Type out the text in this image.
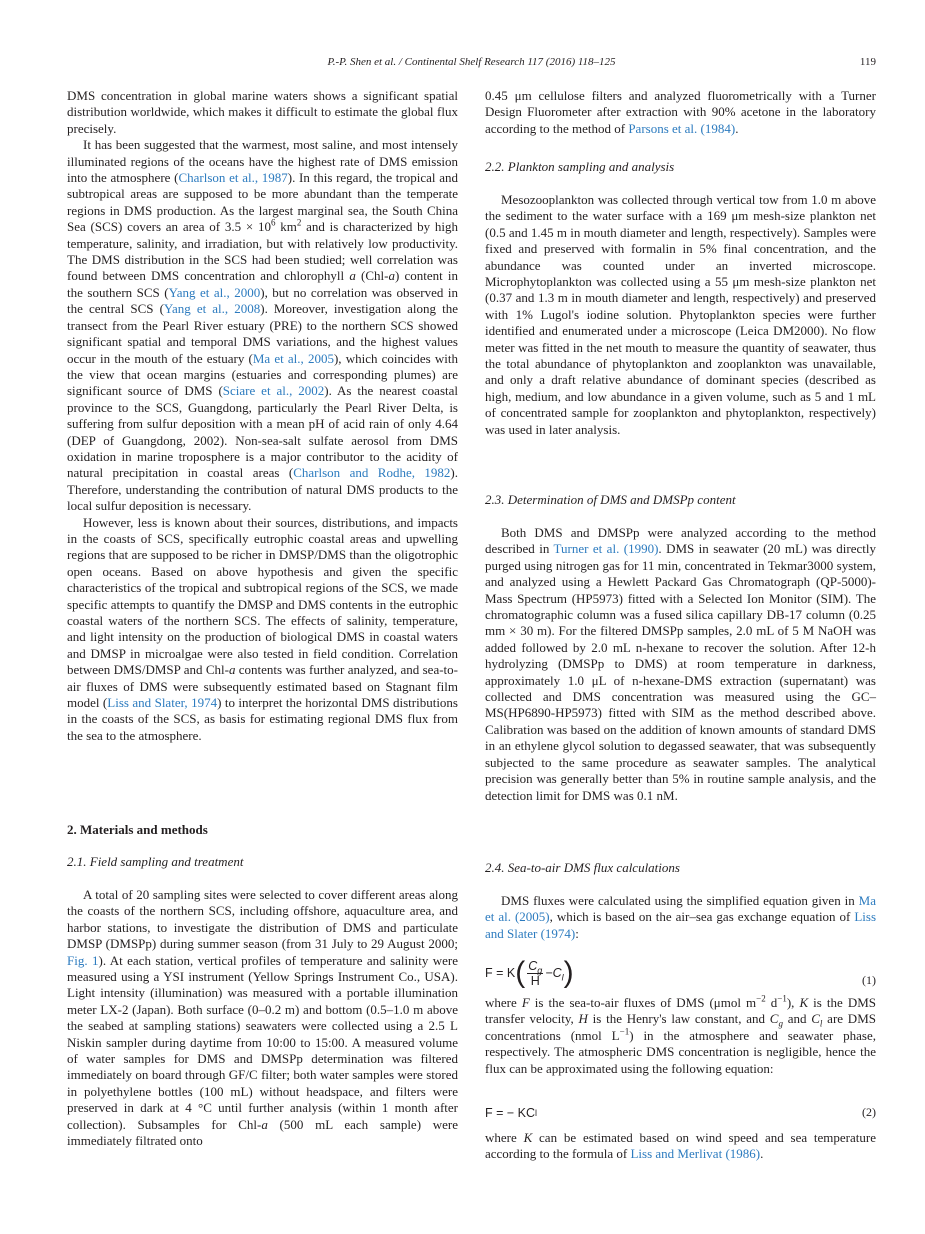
P.-P. Shen et al. / Continental Shelf Research 117 (2016) 118–125	119

DMS concentration in global marine waters shows a significant spatial distribution worldwide, which makes it difficult to estimate the global flux precisely.

It has been suggested that the warmest, most saline, and most intensely illuminated regions of the oceans have the highest rate of DMS emission into the atmosphere (Charlson et al., 1987). In this regard, the tropical and subtropical areas are supposed to be more abundant than the temperate regions in DMS production. As the largest marginal sea, the South China Sea (SCS) covers an area of $3.5 \times 10^6$ $km^2$ and is characterized by high temperature, salinity, and irradiation, but with relatively low productivity. The DMS distribution in the SCS had been studied; well correlation was found between DMS concentration and chlorophyll a (Chl-a) content in the southern SCS (Yang et al., 2000), but no correlation was observed in the central SCS (Yang et al., 2008). Moreover, investigation along the transect from the Pearl River estuary (PRE) to the northern SCS showed significant spatial and temporal DMS variations, and the highest values occur in the mouth of the estuary (Ma et al., 2005), which coincides with the view that ocean margins (estuaries and corresponding plumes) are significant source of DMS (Sciare et al., 2002). As the nearest coastal province to the SCS, Guangdong, particularly the Pearl River Delta, is suffering from sulfur deposition with a mean pH of acid rain of only 4.64 (DEP of Guangdong, 2002). Non-sea-salt sulfate aerosol from DMS oxidation in marine troposphere is a major contributor to the acidity of natural precipitation in coastal areas (Charlson and Rodhe, 1982). Therefore, understanding the contribution of natural DMS products to the local sulfur deposition is necessary.

However, less is known about their sources, distributions, and impacts in the coasts of SCS, specifically eutrophic coastal areas and upwelling regions that are supposed to be richer in DMSP/DMS than the oligotrophic open oceans. Based on above hypothesis and given the specific characteristics of the tropical and subtropical regions of the SCS, we made specific attempts to quantify the DMSP and DMS contents in the eutrophic coastal waters of the northern SCS. The effects of salinity, temperature, and light intensity on the production of biological DMS in coastal waters and DMSP in microalgae were also tested in field condition. Correlation between DMS/DMSP and Chl-a contents was further analyzed, and sea-to-air fluxes of DMS were subsequently estimated based on Stagnant film model (Liss and Slater, 1974) to interpret the horizontal DMS distributions in the coasts of the SCS, as basis for estimating regional DMS flux from the sea to the atmosphere.

2. Materials and methods
2.1. Field sampling and treatment

A total of 20 sampling sites were selected to cover different areas along the coasts of the northern SCS, including offshore, aquaculture area, and harbor stations, to investigate the distribution of DMS and particulate DMSP (DMSPp) during summer season (from 31 July to 29 August 2000; Fig. 1). At each station, vertical profiles of temperature and salinity were measured using a YSI instrument (Yellow Springs Instrument Co., USA). Light intensity (illumination) was measured with a portable illumination meter LX-2 (Japan). Both surface (0–0.2 m) and bottom (0.5–1.0 m above the seabed at sampling stations) seawaters were collected using a 2.5 L Niskin sampler during daytime from 10:00 to 15:00. A measured volume of water samples for DMS and DMSPp determination was filtered immediately on board through GF/C filter; both water samples were stored in polyethylene bottles (100 mL) without headspace, and filters were preserved in dark at 4 °C until further analysis (within 1 month after collection). Subsamples for Chl-a (500 mL each sample) were immediately filtrated onto

0.45 μm cellulose filters and analyzed fluorometrically with a Turner Design Fluorometer after extraction with 90% acetone in the laboratory according to the method of Parsons et al. (1984).

2.2. Plankton sampling and analysis

Mesozooplankton was collected through vertical tow from 1.0 m above the sediment to the water surface with a 169 μm mesh-size plankton net (0.5 and 1.45 m in mouth diameter and length, respectively). Samples were fixed and preserved with formalin in 5% final concentration, and the abundance was counted under an inverted microscope. Microphytoplankton was collected using a 55 μm mesh-size plankton net (0.37 and 1.3 m in mouth diameter and length, respectively) and preserved with 1% Lugol's iodine solution. Phytoplankton species were further identified and enumerated under a microscope (Leica DM2000). No flow meter was fitted in the net mouth to measure the quantity of seawater, thus the total abundance of phytoplankton and zooplankton was unavailable, and only a draft relative abundance of dominant species (described as high, medium, and low abundance in a given volume, such as 5 and 1 mL of concentrated sample for zooplankton and phytoplankton, respectively) was used in later analysis.

2.3. Determination of DMS and DMSPp content

Both DMS and DMSPp were analyzed according to the method described in Turner et al. (1990). DMS in seawater (20 mL) was directly purged using nitrogen gas for 11 min, concentrated in Tekmar3000 system, and analyzed using a Hewlett Packard Gas Chromatograph (QP-5000)-Mass Spectrum (HP5973) fitted with a Selected Ion Monitor (SIM). The chromatographic column was a fused silica capillary DB-17 column (0.25 mm × 30 m). For the filtered DMSPp samples, 2.0 mL of 5 M NaOH was added followed by 2.0 mL n-hexane to recover the solution. After 12-h hydrolyzing (DMSPp to DMS) at room temperature in darkness, approximately 1.0 μL of n-hexane-DMS extraction (supernatant) was collected and DMS concentration was measured using the GC–MS(HP6890-HP5973) fitted with SIM as the method described above. Calibration was based on the addition of known amounts of standard DMS in an ethylene glycol solution to degassed seawater, that was subsequently subjected to the same procedure as seawater samples. The analytical precision was generally better than 5% in routine sample analysis, and the detection limit for DMS was 0.1 nM.

2.4. Sea-to-air DMS flux calculations

DMS fluxes were calculated using the simplified equation given in Ma et al. (2005), which is based on the air–sea gas exchange equation of Liss and Slater (1974):

F = K ( $\frac{C_g}{H} -C_l$ )	(1)

where F is the sea-to-air fluxes of DMS (μmol $m^{-2}$ $d^{-1}$), K is the DMS transfer velocity, H is the Henry's law constant, and $C_g$ and $C_l$ are DMS concentrations (nmol $L^{-1}$) in the atmosphere and seawater phase, respectively. The atmospheric DMS concentration is negligible, hence the flux can be approximated using the following equation:

F = − KC l	(2)

where K can be estimated based on wind speed and sea temperature according to the formula of Liss and Merlivat (1986).
